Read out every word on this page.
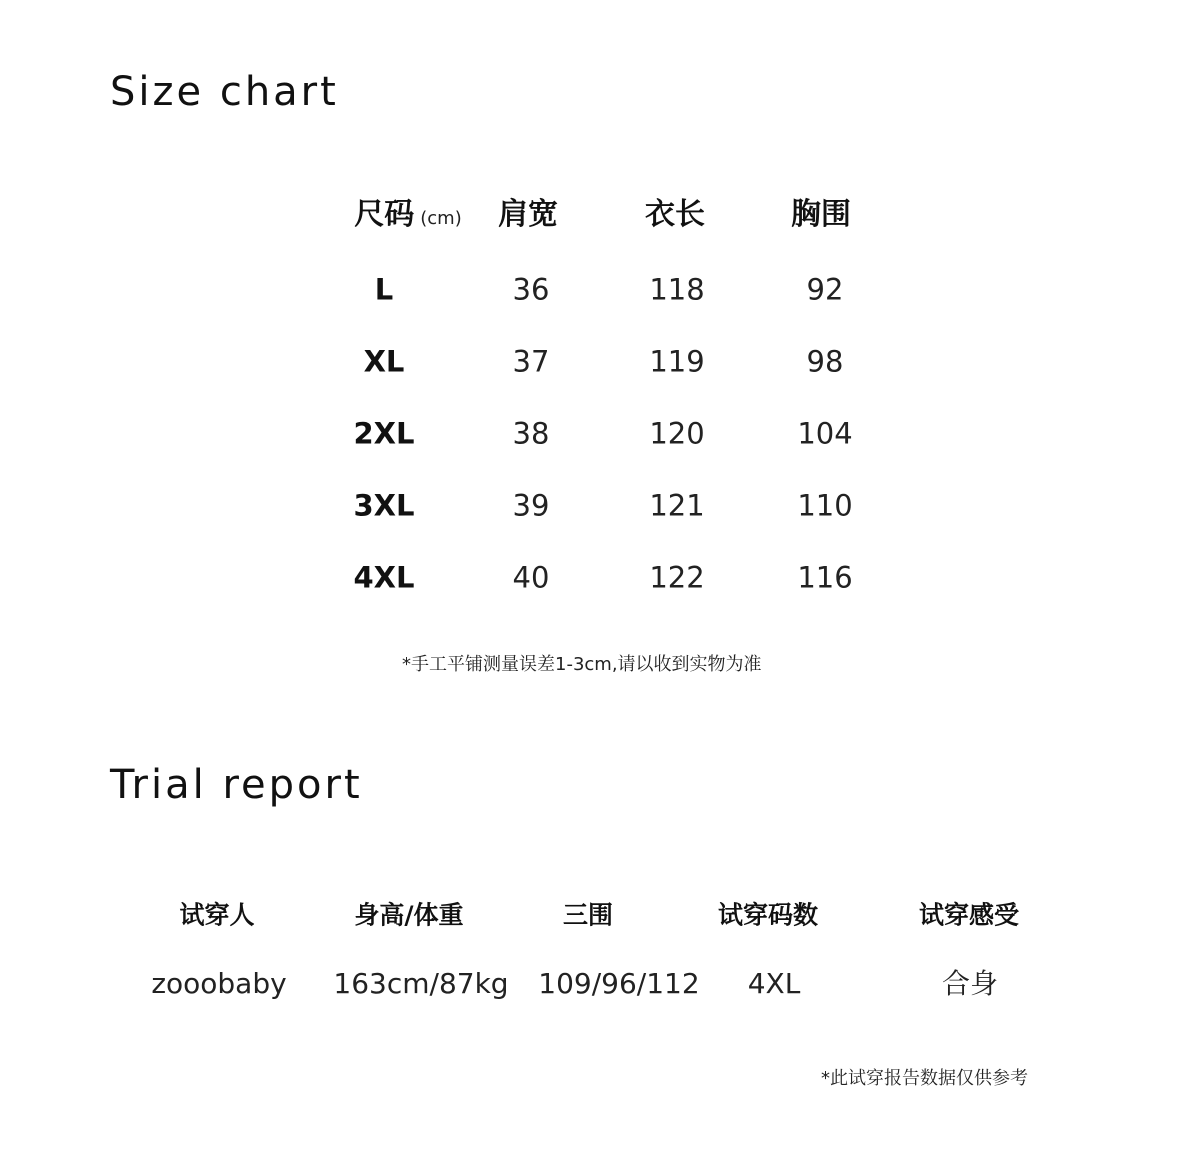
Size chart
尺码 (cm) 肩宽	衣长	胸围
L	36	118	92
XL	37	119	98
2XL	38	120	104
3XL	39	121	110
4XL	40	122	116
*手工平铺测量误差1-3cm,请以收到实物为准
Trial report
试穿人	身高/体重	三围	试穿码数	试穿感受
zooobaby 163cm/87kg 109/96/112 4XL	合身
*此试穿报告数据仅供参考
